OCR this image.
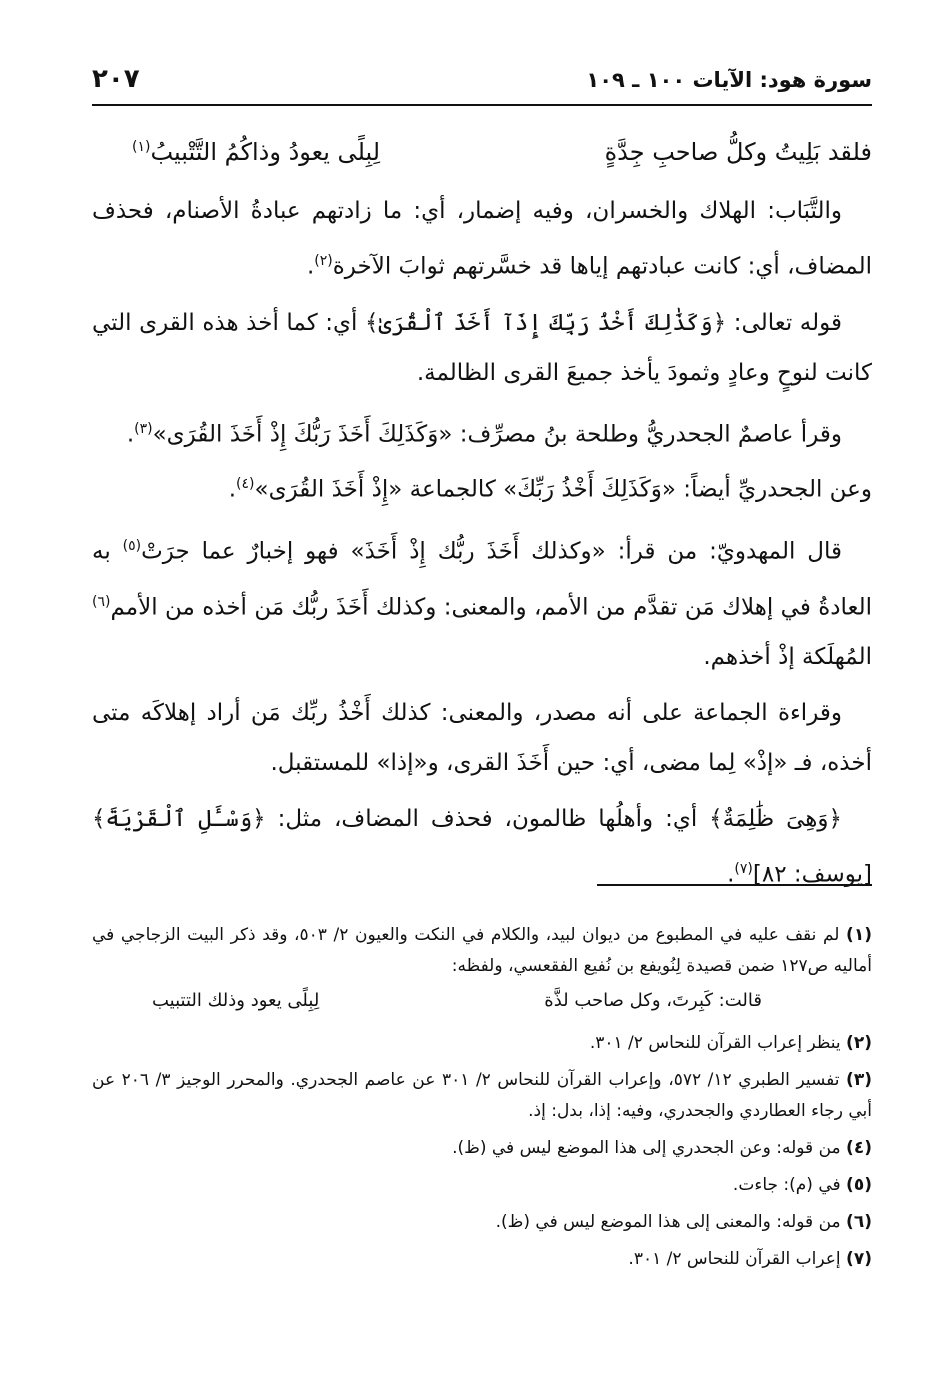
سورة هود: الآيات ١٠٠ ـ ١٠٩
٢٠٧
فلقد بَلِيتُ وكلُّ صاحبِ جِدَّةٍ
لِبِلًى يعودُ وذاكُمُ التَّتْبيبُ$^{(١)}$

والتَّبَاب: الهلاك والخسران، وفيه إضمار، أي: ما زادتهم عبادةُ الأصنام، فحذف المضاف، أي: كانت عبادتهم إياها قد خسَّرتهم ثوابَ الآخرة$^{(٢)}$.

قوله تعالى: ﴿وَكَذَٰلِكَ أَخْذُ رَبِّكَ إِذَآ أَخَذَ ٱلْقُرَىٰ﴾ أي: كما أخذ هذه القرى التي كانت لنوحٍ وعادٍ وثمودَ يأخذ جميعَ القرى الظالمة.

وقرأ عاصمٌ الجحدريُّ وطلحة بنُ مصرِّف: «وَكَذَلِكَ أَخَذَ رَبُّكَ إِذْ أَخَذَ القُرَى»$^{(٣)}$.

وعن الجحدريِّ أيضاً: «وَكَذَلِكَ أَخْذُ رَبِّكَ» كالجماعة «إِذْ أَخَذَ القُرَى»$^{(٤)}$.

قال المهدويّ: من قرأ: «وكذلك أَخَذَ ربُّك إِذْ أَخَذَ» فهو إخبارٌ عما جرَتْ$^{(٥)}$ به العادةُ في إهلاك مَن تقدَّم من الأمم، والمعنى: وكذلك أَخَذَ ربُّك مَن أخذه من الأمم$^{(٦)}$ المُهلَكة إذْ أخذهم.

وقراءة الجماعة على أنه مصدر، والمعنى: كذلك أَخْذُ ربِّك مَن أراد إهلاكَه متى أخذه، فـ «إذْ» لِما مضى، أي: حين أَخَذَ القرى، و«إذا» للمستقبل.

﴿وَهِىَ ظَٰلِمَةٌ﴾ أي: وأهلُها ظالمون، فحذف المضاف، مثل: ﴿وَسْـَٔلِ ٱلْقَرْيَةَ﴾ [يوسف: ٨٢]$^{(٧)}$.

(١) لم نقف عليه في المطبوع من ديوان لبيد، والكلام في النكت والعيون ٢/ ٥٠٣، وقد ذكر البيت الزجاجي في أماليه ص١٢٧ ضمن قصيدة لِنُويفع بن نُفيع الفقعسي، ولفظه:

قالت: كَبِرتَ، وكل صاحب لذَّة
لِبِلًى يعود وذلك التتبيب

(٢) ينظر إعراب القرآن للنحاس ٢/ ٣٠١.

(٣) تفسير الطبري ١٢/ ٥٧٢، وإعراب القرآن للنحاس ٢/ ٣٠١ عن عاصم الجحدري. والمحرر الوجيز ٣/ ٢٠٦ عن أبي رجاء العطاردي والجحدري، وفيه: إذا، بدل: إذ.

(٤) من قوله: وعن الجحدري إلى هذا الموضع ليس في (ظ).

(٥) في (م): جاءت.

(٦) من قوله: والمعنى إلى هذا الموضع ليس في (ظ).

(٧) إعراب القرآن للنحاس ٢/ ٣٠١.
